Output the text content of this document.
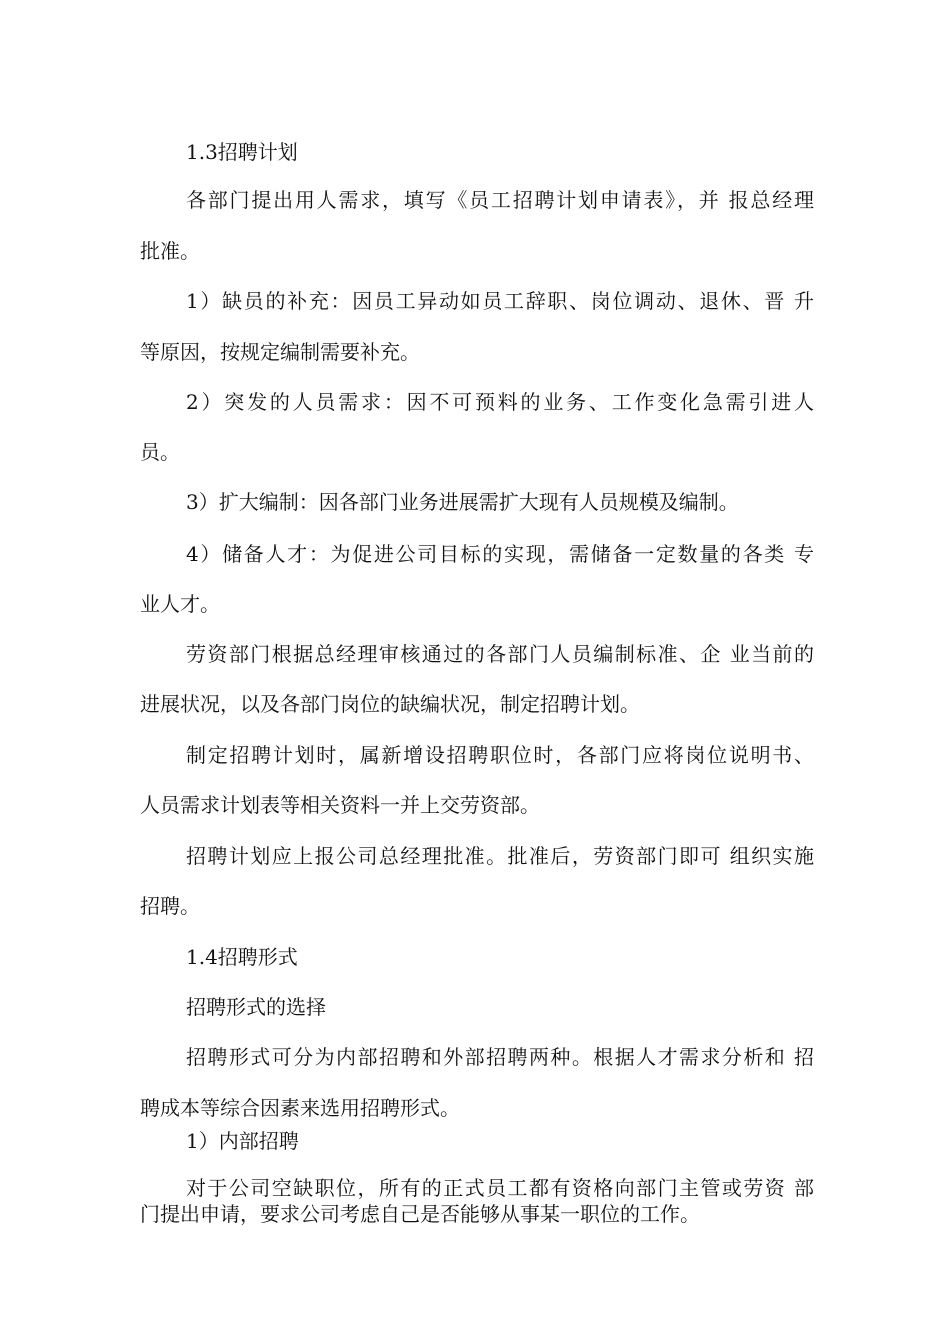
1.3招聘计划
各部门提出用人需求，填写《员工招聘计划申请表》，并 报总经理
批准。
1）缺员的补充：因员工异动如员工辞职、岗位调动、退休、晋 升
等原因，按规定编制需要补充。
2）突发的人员需求：因不可预料的业务、工作变化急需引进人
员。
3）扩大编制：因各部门业务进展需扩大现有人员规模及编制。
4）储备人才：为促进公司目标的实现，需储备一定数量的各类 专
业人才。
劳资部门根据总经理审核通过的各部门人员编制标准、企 业当前的
进展状况，以及各部门岗位的缺编状况，制定招聘计划。
制定招聘计划时，属新增设招聘职位时，各部门应将岗位说明书、
人员需求计划表等相关资料一并上交劳资部。
招聘计划应上报公司总经理批准。批准后，劳资部门即可 组织实施
招聘。
1.4招聘形式
招聘形式的选择
招聘形式可分为内部招聘和外部招聘两种。根据人才需求分析和 招
聘成本等综合因素来选用招聘形式。
1）内部招聘
对于公司空缺职位，所有的正式员工都有资格向部门主管或劳资 部
门提出申请，要求公司考虑自己是否能够从事某一职位的工作。
